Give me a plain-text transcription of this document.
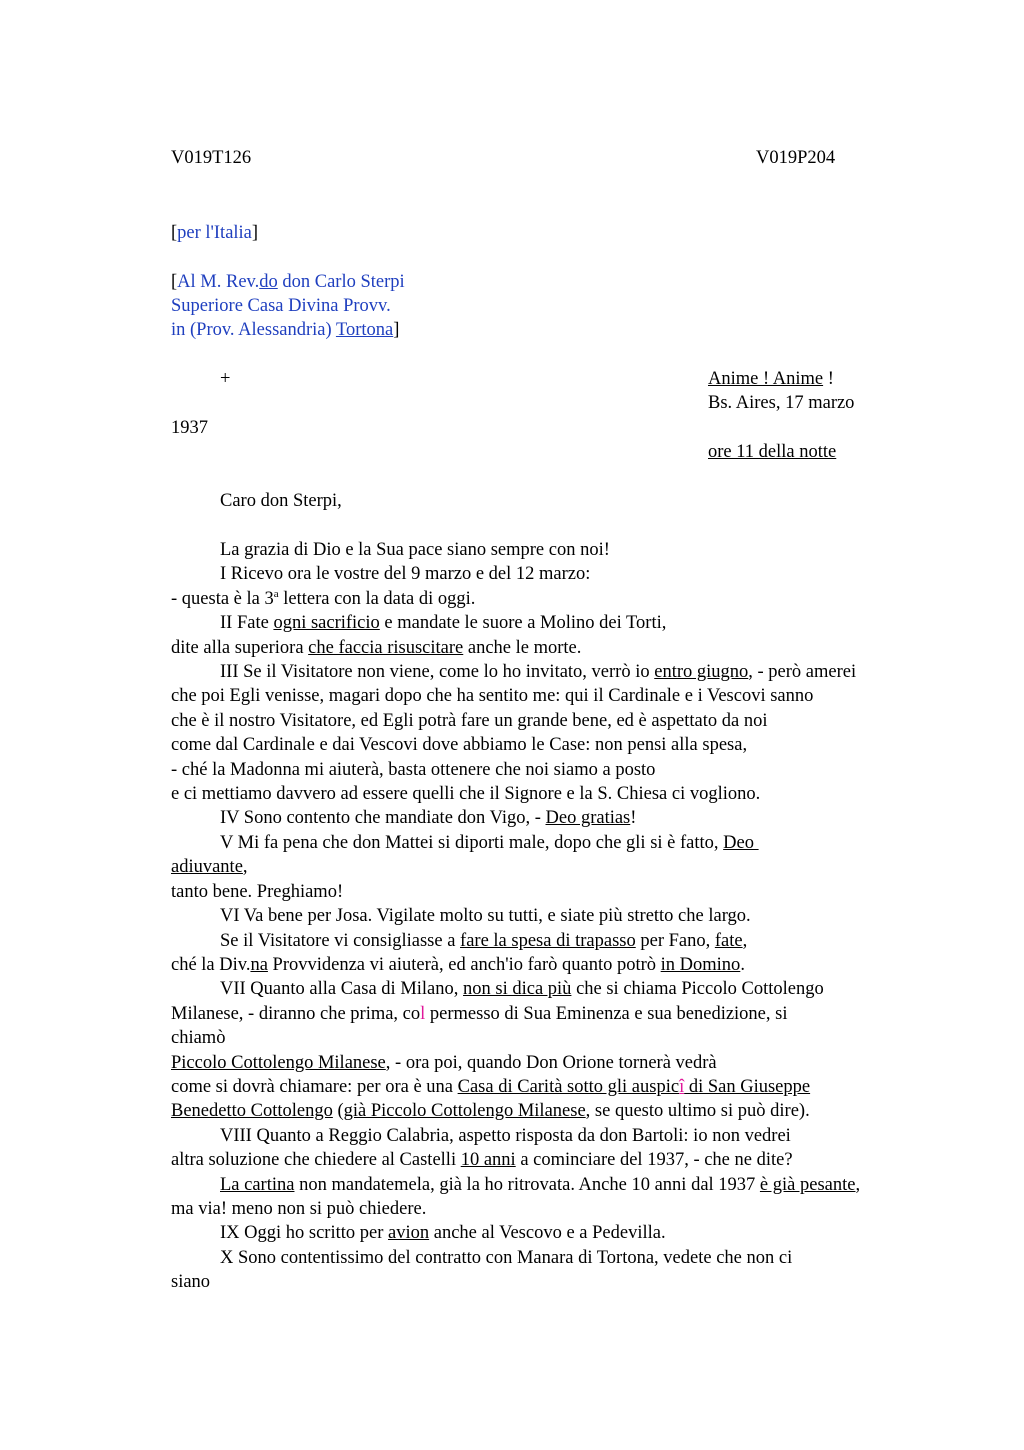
V019T126	V019P204
[per l'Italia]
[Al M. Rev.do don Carlo Sterpi
Superiore Casa Divina Provv.
in (Prov. Alessandria) Tortona]
+	Anime ! Anime !
Bs. Aires, 17 marzo
1937
ore 11 della notte
Caro don Sterpi,
La grazia di Dio e la Sua pace siano sempre con noi!
I Ricevo ora le vostre del 9 marzo e del 12 marzo:
- questa è la 3$^a$ lettera con la data di oggi.
II Fate ogni sacrificio e mandate le suore a Molino dei Torti,
dite alla superiora che faccia risuscitare anche le morte.
III Se il Visitatore non viene, come lo ho invitato, verrò io entro giugno, - però amerei
che poi Egli venisse, magari dopo che ha sentito me: qui il Cardinale e i Vescovi sanno
che è il nostro Visitatore, ed Egli potrà fare un grande bene, ed è aspettato da noi
come dal Cardinale e dai Vescovi dove abbiamo le Case: non pensi alla spesa,
- ché la Madonna mi aiuterà, basta ottenere che noi siamo a posto
e ci mettiamo davvero ad essere quelli che il Signore e la S. Chiesa ci vogliono.
IV Sono contento che mandiate don Vigo, - Deo gratias!
V Mi fa pena che don Mattei si diporti male, dopo che gli si è fatto, Deo
adiuvante,
tanto bene. Preghiamo!
VI Va bene per Josa. Vigilate molto su tutti, e siate più stretto che largo.
Se il Visitatore vi consigliasse a fare la spesa di trapasso per Fano, fate,
ché la Div.na Provvidenza vi aiuterà, ed anch'io farò quanto potrò in Domino.
VII Quanto alla Casa di Milano, non si dica più che si chiama Piccolo Cottolengo
Milanese, - diranno che prima, col permesso di Sua Eminenza e sua benedizione, si
chiamò
Piccolo Cottolengo Milanese, - ora poi, quando Don Orione tornerà vedrà
come si dovrà chiamare: per ora è una Casa di Carità sotto gli auspicî di San Giuseppe
Benedetto Cottolengo (già Piccolo Cottolengo Milanese, se questo ultimo si può dire).
VIII Quanto a Reggio Calabria, aspetto risposta da don Bartoli: io non vedrei
altra soluzione che chiedere al Castelli 10 anni a cominciare del 1937, - che ne dite?
La cartina non mandatemela, già la ho ritrovata. Anche 10 anni dal 1937 è già pesante,
ma via! meno non si può chiedere.
IX Oggi ho scritto per avion anche al Vescovo e a Pedevilla.
X Sono contentissimo del contratto con Manara di Tortona, vedete che non ci
siano
